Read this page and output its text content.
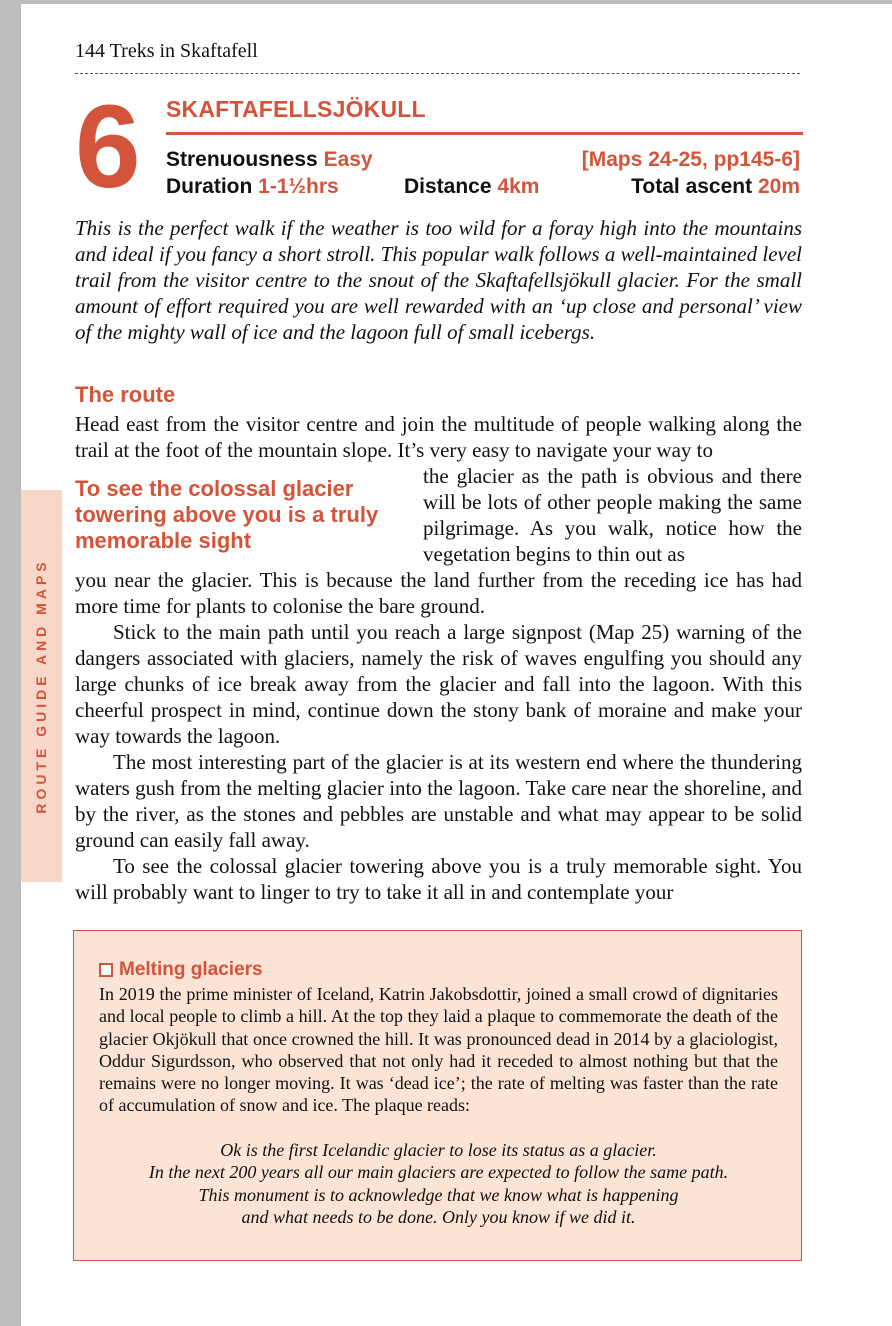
144 Treks in Skaftafell
6 SKAFTAFELLSJÖKULL
Strenuousness Easy	[Maps 24-25, pp145-6]
Duration 1-1½hrs	Distance 4km	Total ascent 20m
This is the perfect walk if the weather is too wild for a foray high into the mountains and ideal if you fancy a short stroll. This popular walk follows a well-maintained level trail from the visitor centre to the snout of the Skaftafellsjökull glacier. For the small amount of effort required you are well rewarded with an ‘up close and personal’ view of the mighty wall of ice and the lagoon full of small icebergs.
The route
Head east from the visitor centre and join the multitude of people walking along the trail at the foot of the mountain slope. It’s very easy to navigate your way to
To see the colossal glacier towering above you is a truly memorable sight
the glacier as the path is obvious and there will be lots of other people making the same pilgrimage. As you walk, notice how the vegetation begins to thin out as
you near the glacier. This is because the land further from the receding ice has had more time for plants to colonise the bare ground.

Stick to the main path until you reach a large signpost (Map 25) warning of the dangers associated with glaciers, namely the risk of waves engulfing you should any large chunks of ice break away from the glacier and fall into the lagoon. With this cheerful prospect in mind, continue down the stony bank of moraine and make your way towards the lagoon.

The most interesting part of the glacier is at its western end where the thundering waters gush from the melting glacier into the lagoon. Take care near the shoreline, and by the river, as the stones and pebbles are unstable and what may appear to be solid ground can easily fall away.

To see the colossal glacier towering above you is a truly memorable sight. You will probably want to linger to try to take it all in and contemplate your

ROUTE GUIDE AND MAPS
Melting glaciers
In 2019 the prime minister of Iceland, Katrin Jakobsdottir, joined a small crowd of dignitaries and local people to climb a hill. At the top they laid a plaque to commemorate the death of the glacier Okjökull that once crowned the hill. It was pronounced dead in 2014 by a glaciologist, Oddur Sigurdsson, who observed that not only had it receded to almost nothing but that the remains were no longer moving. It was ‘dead ice’; the rate of melting was faster than the rate of accumulation of snow and ice. The plaque reads:
Ok is the first Icelandic glacier to lose its status as a glacier.
In the next 200 years all our main glaciers are expected to follow the same path.
This monument is to acknowledge that we know what is happening
and what needs to be done. Only you know if we did it.
